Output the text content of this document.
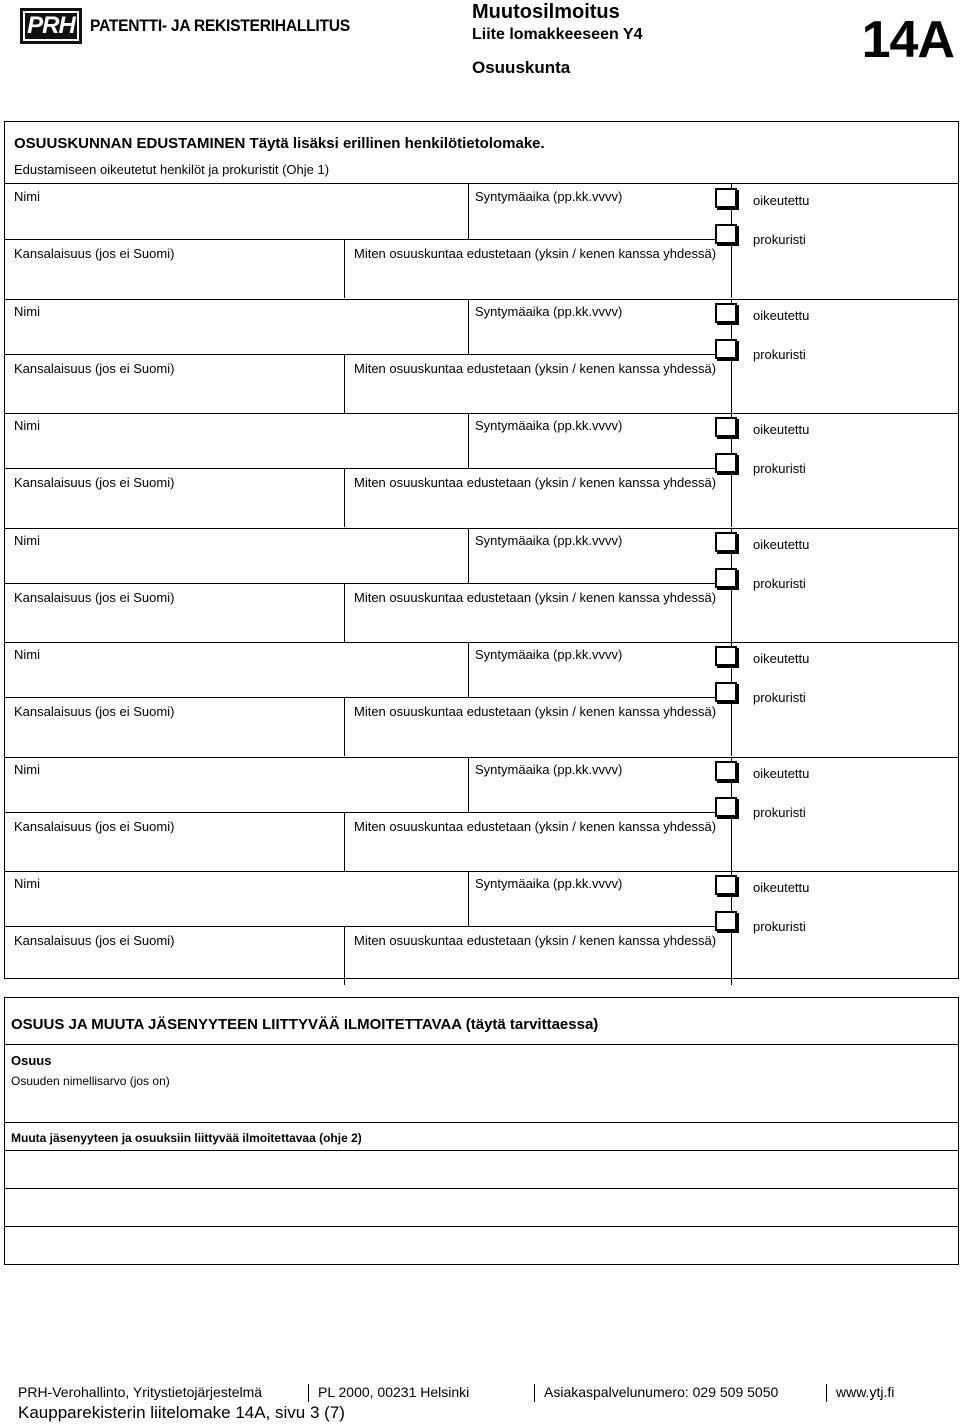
PRH PATENTTI- JA REKISTERIHALLITUS
Muutosilmoitus
Liite lomakkeeseen Y4
Osuuskunta	14A
OSUUSKUNNAN EDUSTAMINEN Täytä lisäksi erillinen henkilötietolomake.
Edustamiseen oikeutetut henkilöt ja prokuristit (Ohje 1)
Nimi	Syntymäaika (pp.kk.vvvv)	oikeutettu
prokuristi
Kansalaisuus (jos ei Suomi)	Miten osuuskuntaa edustetaan (yksin / kenen kanssa yhdessä)
Nimi	Syntymäaika (pp.kk.vvvv)	oikeutettu
prokuristi
Kansalaisuus (jos ei Suomi)	Miten osuuskuntaa edustetaan (yksin / kenen kanssa yhdessä)
Nimi	Syntymäaika (pp.kk.vvvv)	oikeutettu
prokuristi
Kansalaisuus (jos ei Suomi)	Miten osuuskuntaa edustetaan (yksin / kenen kanssa yhdessä)
Nimi	Syntymäaika (pp.kk.vvvv)	oikeutettu
prokuristi
Kansalaisuus (jos ei Suomi)	Miten osuuskuntaa edustetaan (yksin / kenen kanssa yhdessä)
Nimi	Syntymäaika (pp.kk.vvvv)	oikeutettu
prokuristi
Kansalaisuus (jos ei Suomi)	Miten osuuskuntaa edustetaan (yksin / kenen kanssa yhdessä)
Nimi	Syntymäaika (pp.kk.vvvv)	oikeutettu
prokuristi
Kansalaisuus (jos ei Suomi)	Miten osuuskuntaa edustetaan (yksin / kenen kanssa yhdessä)
Nimi	Syntymäaika (pp.kk.vvvv)	oikeutettu
prokuristi
Kansalaisuus (jos ei Suomi)	Miten osuuskuntaa edustetaan (yksin / kenen kanssa yhdessä)
OSUUS JA MUUTA JÄSENYYTEEN LIITTYVÄÄ ILMOITETTAVAA (täytä tarvittaessa)
Osuus
Osuuden nimellisarvo (jos on)
Muuta jäsenyyteen ja osuuksiin liittyvää ilmoitettavaa (ohje 2)
PRH-Verohallinto, Yritystietojärjestelmä	PL 2000, 00231 Helsinki	Asiakaspalvelunumero: 029 509 5050	www.ytj.fi
Kaupparekisterin liitelomake 14A, sivu 3 (7)
